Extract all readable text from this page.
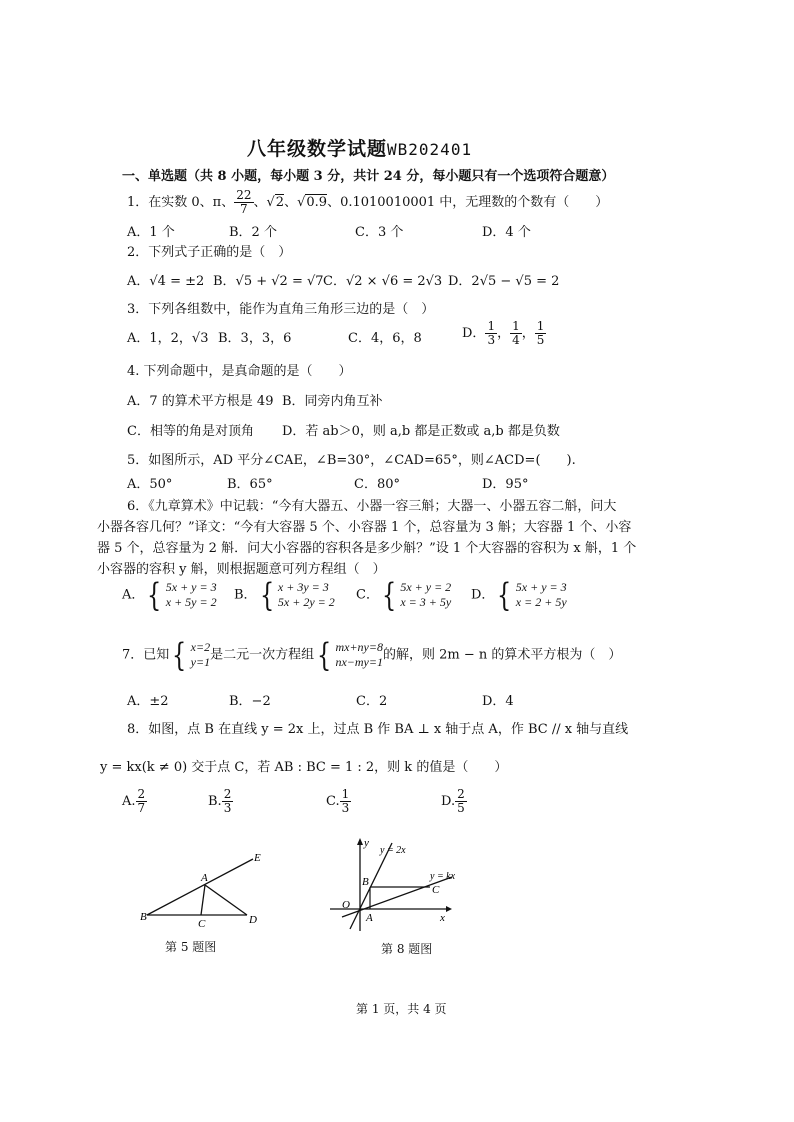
八年级数学试题WB202401
一、单选题（共 8 小题，每小题 3 分，共计 24 分，每小题只有一个选项符合题意）
1．在实数 0、π、 $\frac{22}{7}$ 、√2、√0.9、0.1010010001 中，无理数的个数有（　　）
A．1 个	B．2 个	C．3 个	D．4 个
2．下列式子正确的是（　）
A．√4 = ±2 B．√5 + √2 = √7 C．√2 × √6 = 2√3 D．2√5 − √5 = 2
3．下列各组数中，能作为直角三角形三边的是（　）
A．1，2，√3 B．3，3，6	C．4，6，8	D． $\frac{1}{3}$ ， $\frac{1}{4}$ ， $\frac{1}{5}$
4. 下列命题中，是真命题的是（　　）
A．7 的算术平方根是 49 B．同旁内角互补
C．相等的角是对顶角 D．若 ab＞0，则 a,b 都是正数或 a,b 都是负数
5．如图所示，AD 平分∠CAE，∠B=30°，∠CAD=65°，则∠ACD=(　　).
A．50°	B．65°	C．80°	D．95°
6．《九章算术》中记载：“今有大器五、小器一容三斛；大器一、小器五容二斛，问大
小器各容几何？”译文：“今有大容器 5 个、小容器 1 个，总容量为 3 斛；大容器 1 个、小容
器 5 个，总容量为 2 斛．问大小容器的容积各是多少斛？”设 1 个大容器的容积为 x 斛，1 个
小容器的容积 y 斛，则根据题意可列方程组（　）
A． { 5x + y = 3
x + 5y = 2 B． { x + 3y = 3
5x + 2y = 2 C． { 5x + y = 2
x = 3 + 5y D． { 5x + y = 3
x = 2 + 5y
7．已知 { x=2
y=1 是二元一次方程组 { mx+ny=8
nx−my=1 的解，则 2m − n 的算术平方根为（　）
A．±2	B．−2	C．2	D．4
8．如图，点 B 在直线 y = 2x 上，过点 B 作 BA ⊥ x 轴于点 A，作 BC // x 轴与直线
y = kx(k ≠ 0) 交于点 C，若 AB : BC = 1 : 2，则 k 的值是（　　）
A. $\frac{2}{7}$	B. $\frac{2}{3}$	C. $\frac{1}{3}$	D. $\frac{2}{5}$
A
B
C	D
E
第 5 题图
y
y = 2x
y = kx
O
A
B
C
x
第 8 题图
第 1 页，共 4 页
